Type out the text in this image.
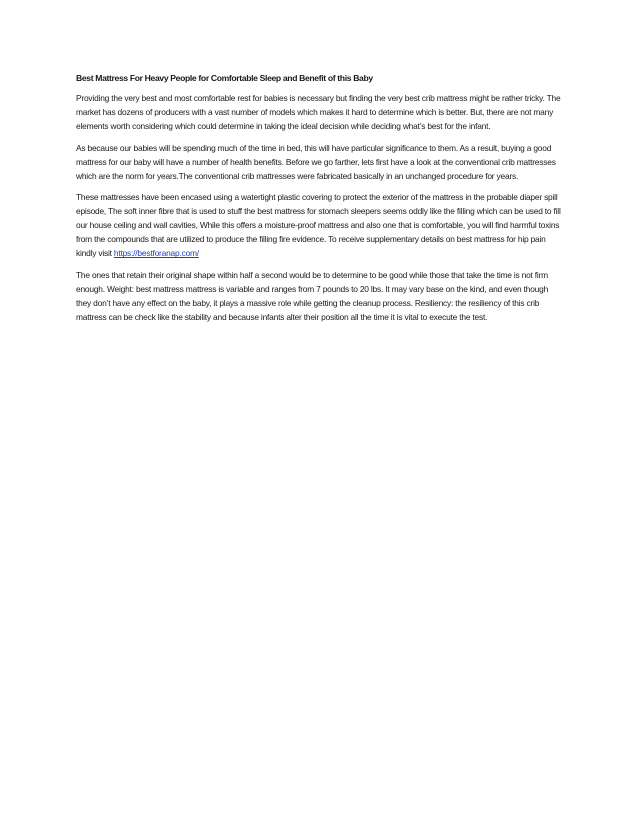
Best Mattress For Heavy People for Comfortable Sleep and Benefit of this Baby

Providing the very best and most comfortable rest for babies is necessary but finding the very best crib mattress might be rather tricky. The market has dozens of producers with a vast number of models which makes it hard to determine which is better. But, there are not many elements worth considering which could determine in taking the ideal decision while deciding what’s best for the infant.

As because our babies will be spending much of the time in bed, this will have particular significance to them. As a result, buying a good mattress for our baby will have a number of health benefits. Before we go farther, lets first have a look at the conventional crib mattresses which are the norm for years.The conventional crib mattresses were fabricated basically in an unchanged procedure for years.

These mattresses have been encased using a watertight plastic covering to protect the exterior of the mattress in the probable diaper spill episode, The soft inner fibre that is used to stuff the best mattress for stomach sleepers seems oddly like the filling which can be used to fill our house ceiling and wall cavities, While this offers a moisture-proof mattress and also one that is comfortable, you will find harmful toxins from the compounds that are utilized to produce the filling fire evidence. To receive supplementary details on best mattress for hip pain kindly visit https://bestforanap.com/

The ones that retain their original shape within half a second would be to determine to be good while those that take the time is not firm enough. Weight: best mattress mattress is variable and ranges from 7 pounds to 20 lbs. It may vary base on the kind, and even though they don’t have any effect on the baby, it plays a massive role while getting the cleanup process. Resiliency: the resiliency of this crib mattress can be check like the stability and because infants alter their position all the time it is vital to execute the test.
